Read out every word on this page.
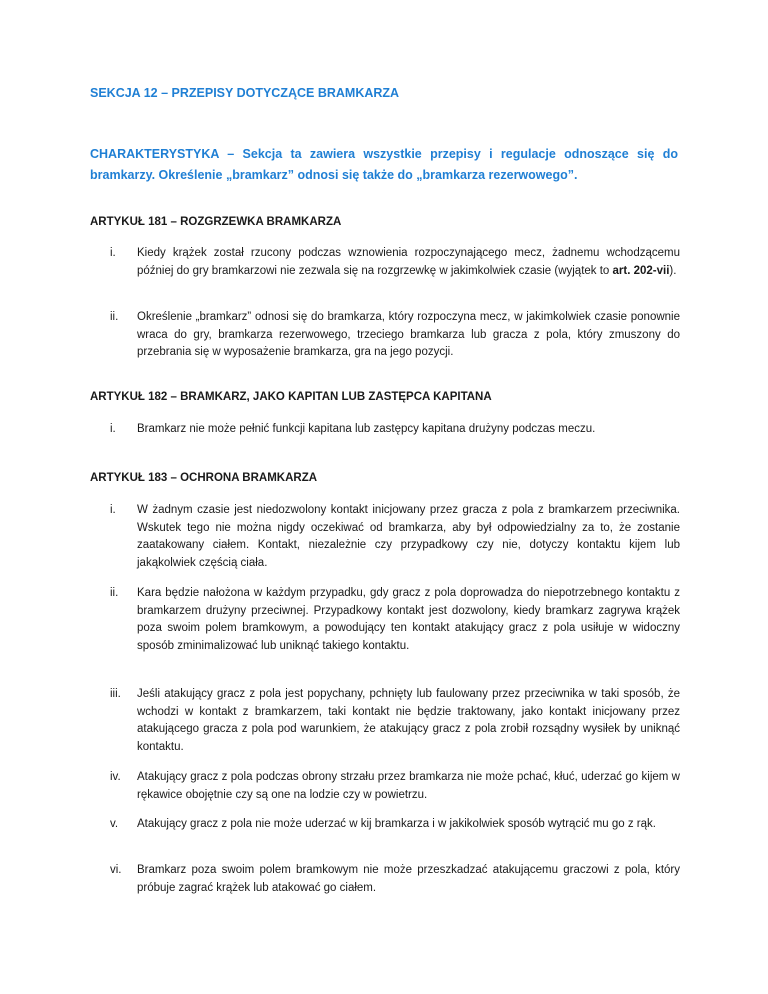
SEKCJA 12 – PRZEPISY DOTYCZĄCE BRAMKARZA
CHARAKTERYSTYKA – Sekcja ta zawiera wszystkie przepisy i regulacje odnoszące się do bramkarzy. Określenie „bramkarz” odnosi się także do „bramkarza rezerwowego”.
ARTYKUŁ 181 – ROZGRZEWKA BRAMKARZA
i. Kiedy krążek został rzucony podczas wznowienia rozpoczynającego mecz, żadnemu wchodzącemu później do gry bramkarzowi nie zezwala się na rozgrzewkę w jakimkolwiek czasie (wyjątek to art. 202-vii).
ii. Określenie „bramkarz” odnosi się do bramkarza, który rozpoczyna mecz, w jakimkolwiek czasie ponownie wraca do gry, bramkarza rezerwowego, trzeciego bramkarza lub gracza z pola, który zmuszony do przebrania się w wyposażenie bramkarza, gra na jego pozycji.
ARTYKUŁ 182 – BRAMKARZ, JAKO KAPITAN LUB ZASTĘPCA KAPITANA
i. Bramkarz nie może pełnić funkcji kapitana lub zastępcy kapitana drużyny podczas meczu.
ARTYKUŁ 183 – OCHRONA BRAMKARZA
i. W żadnym czasie jest niedozwolony kontakt inicjowany przez gracza z pola z bramkarzem przeciwnika. Wskutek tego nie można nigdy oczekiwać od bramkarza, aby był odpowiedzialny za to, że zostanie zaatakowany ciałem. Kontakt, niezależnie czy przypadkowy czy nie, dotyczy kontaktu kijem lub jakąkolwiek częścią ciała.
ii. Kara będzie nałożona w każdym przypadku, gdy gracz z pola doprowadza do niepotrzebnego kontaktu z bramkarzem drużyny przeciwnej. Przypadkowy kontakt jest dozwolony, kiedy bramkarz zagrywa krążek poza swoim polem bramkowym, a powodujący ten kontakt atakujący gracz z pola usiłuje w widoczny sposób zminimalizować lub uniknąć takiego kontaktu.
iii. Jeśli atakujący gracz z pola jest popychany, pchnięty lub faulowany przez przeciwnika w taki sposób, że wchodzi w kontakt z bramkarzem, taki kontakt nie będzie traktowany, jako kontakt inicjowany przez atakującego gracza z pola pod warunkiem, że atakujący gracz z pola zrobił rozsądny wysiłek by uniknąć kontaktu.
iv. Atakujący gracz z pola podczas obrony strzału przez bramkarza nie może pchać, kłuć, uderzać go kijem w rękawice obojętnie czy są one na lodzie czy w powietrzu.
v. Atakujący gracz z pola nie może uderzać w kij bramkarza i w jakikolwiek sposób wytrącić mu go z rąk.
vi. Bramkarz poza swoim polem bramkowym nie może przeszkadzać atakującemu graczowi z pola, który próbuje zagrać krążek lub atakować go ciałem.
